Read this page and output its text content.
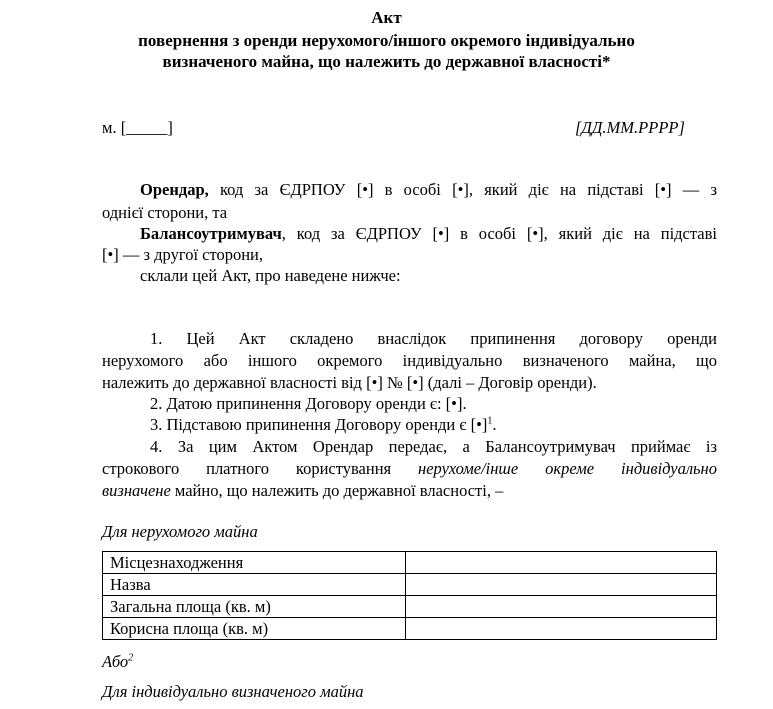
Акт
повернення з оренди нерухомого/іншого окремого індивідуально
визначеного майна, що належить до державної власності*
м. [_____]	[ДД.ММ.РРРР]
Орендар, код за ЄДРПОУ [•] в особі [•], який діє на підставі [•] — з
однієї сторони, та
Балансоутримувач, код за ЄДРПОУ [•] в особі [•], який діє на підставі
[•] — з другої сторони,
склали цей Акт, про наведене нижче:
1. Цей Акт складено внаслідок припинення договору оренди
нерухомого або іншого окремого індивідуально визначеного майна, що
належить до державної власності від [•] № [•] (далі – Договір оренди).
2. Датою припинення Договору оренди є: [•].
3. Підставою припинення Договору оренди є [•]$^1$.
4. За цим Актом Орендар передає, а Балансоутримувач приймає із
строкового платного користування нерухоме/інше окреме індивідуально
визначене майно, що належить до державної власності, –
Для нерухомого майна
Місцезнаходження	
Назва	
Загальна площа (кв. м)	
Корисна площа (кв. м)	
Або$^2$
Для індивідуально визначеного майна
